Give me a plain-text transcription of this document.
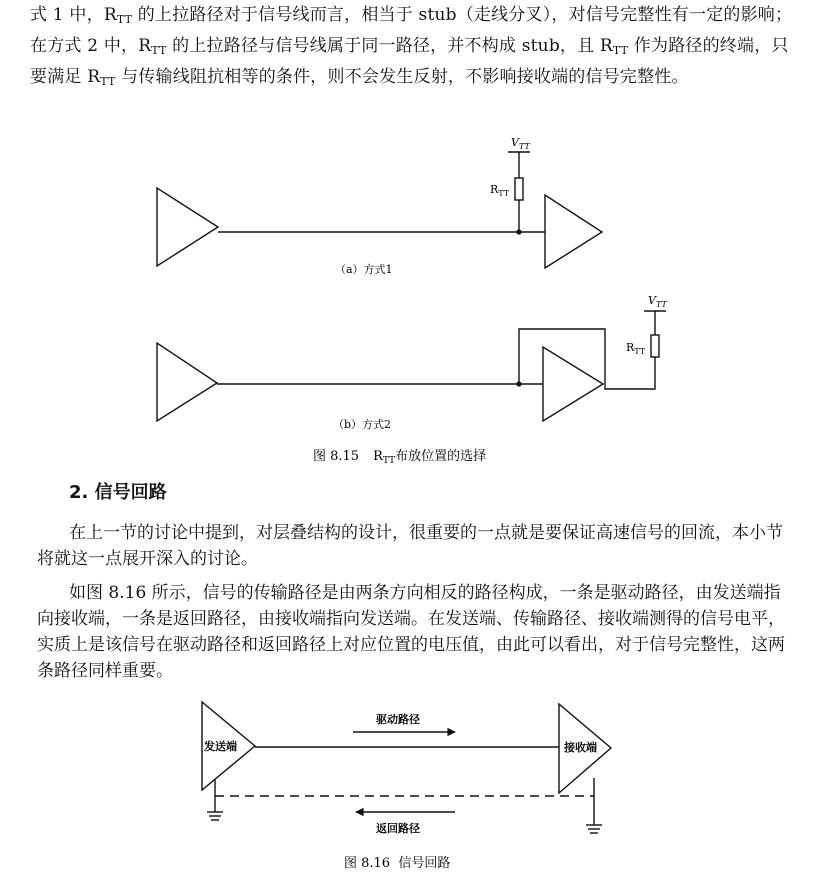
式 1 中，$R_{TT}$ 的上拉路径对于信号线而言，相当于 stub（走线分叉），对信号完整性有一定的影响；在方式 2 中，$R_{TT}$ 的上拉路径与信号线属于同一路径，并不构成 stub，且 $R_{TT}$ 作为路径的终端，只要满足 $R_{TT}$ 与传输线阻抗相等的条件，则不会发生反射，不影响接收端的信号完整性。

$V_{TT}$
$R_{TT}$
（a）方式1
$V_{TT}$
$R_{TT}$
（b）方式2
图 8.15 $R_{TT}$布放位置的选择
2. 信号回路

在上一节的讨论中提到，对层叠结构的设计，很重要的一点就是要保证高速信号的回流，本小节将就这一点展开深入的讨论。

如图 8.16 所示，信号的传输路径是由两条方向相反的路径构成，一条是驱动路径，由发送端指向接收端，一条是返回路径，由接收端指向发送端。在发送端、传输路径、接收端测得的信号电平，实质上是该信号在驱动路径和返回路径上对应位置的电压值，由此可以看出，对于信号完整性，这两条路径同样重要。

发送端	接收端
驱动路径
返回路径
图 8.16  信号回路
